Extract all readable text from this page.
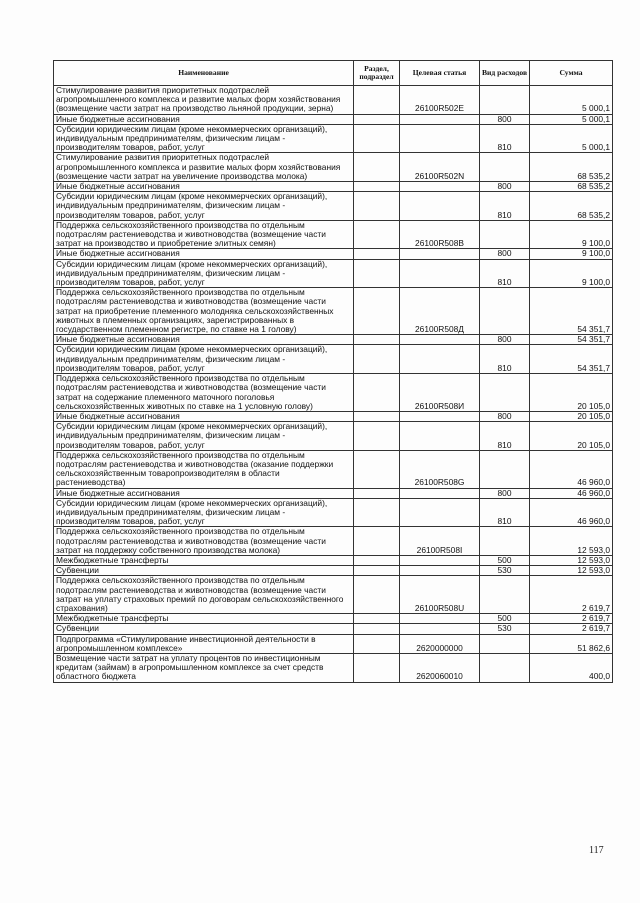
Наименование	Раздел, подраздел	Целевая статья	Вид расходов	Сумма
Стимулирование развития приоритетных подотраслей агропромышленного комплекса и развитие малых форм хозяйствования (возмещение части затрат на производство льняной продукции, зерна)		26100R502E		5 000,1
Иные бюджетные ассигнования			800	5 000,1
Субсидии юридическим лицам (кроме некоммерческих организаций), индивидуальным предпринимателям, физическим лицам - производителям товаров, работ, услуг			810	5 000,1
Стимулирование развития приоритетных подотраслей агропромышленного комплекса и развитие малых форм хозяйствования (возмещение части затрат на увеличение производства молока)		26100R502N		68 535,2
Иные бюджетные ассигнования			800	68 535,2
Субсидии юридическим лицам (кроме некоммерческих организаций), индивидуальным предпринимателям, физическим лицам - производителям товаров, работ, услуг			810	68 535,2
Поддержка сельскохозяйственного производства по отдельным подотраслям растениеводства и животноводства (возмещение части затрат на производство и приобретение элитных семян)		26100R508B		9 100,0
Иные бюджетные ассигнования			800	9 100,0
Субсидии юридическим лицам (кроме некоммерческих организаций), индивидуальным предпринимателям, физическим лицам - производителям товаров, работ, услуг			810	9 100,0
Поддержка сельскохозяйственного производства по отдельным подотраслям растениеводства и животноводства (возмещение части затрат на приобретение племенного молодняка сельскохозяйственных животных в племенных организациях, зарегистрированных в государственном племенном регистре, по ставке на 1 голову)		26100R508Д		54 351,7
Иные бюджетные ассигнования			800	54 351,7
Субсидии юридическим лицам (кроме некоммерческих организаций), индивидуальным предпринимателям, физическим лицам - производителям товаров, работ, услуг			810	54 351,7
Поддержка сельскохозяйственного производства по отдельным подотраслям растениеводства и животноводства (возмещение части затрат на содержание племенного маточного поголовья сельскохозяйственных животных по ставке на 1 условную голову)		26100R508И		20 105,0
Иные бюджетные ассигнования			800	20 105,0
Субсидии юридическим лицам (кроме некоммерческих организаций), индивидуальным предпринимателям, физическим лицам - производителям товаров, работ, услуг			810	20 105,0
Поддержка сельскохозяйственного производства по отдельным подотраслям растениеводства и животноводства (оказание поддержки сельскохозяйственным товаропроизводителям в области растениеводства)		26100R508G		46 960,0
Иные бюджетные ассигнования			800	46 960,0
Субсидии юридическим лицам (кроме некоммерческих организаций), индивидуальным предпринимателям, физическим лицам - производителям товаров, работ, услуг			810	46 960,0
Поддержка сельскохозяйственного производства по отдельным подотраслям растениеводства и животноводства (возмещение части затрат на поддержку собственного производства молока)		26100R508I		12 593,0
Межбюджетные трансферты			500	12 593,0
Субвенции			530	12 593,0
Поддержка сельскохозяйственного производства по отдельным подотраслям растениеводства и животноводства (возмещение части затрат на уплату страховых премий по договорам сельскохозяйственного страхования)		26100R508U		2 619,7
Межбюджетные трансферты			500	2 619,7
Субвенции			530	2 619,7
Подпрограмма «Стимулирование инвестиционной деятельности в агропромышленном комплексе»		2620000000		51 862,6
Возмещение части затрат на уплату процентов по инвестиционным кредитам (займам) в агропромышленном комплексе за счет средств областного бюджета		2620060010		400,0
117
